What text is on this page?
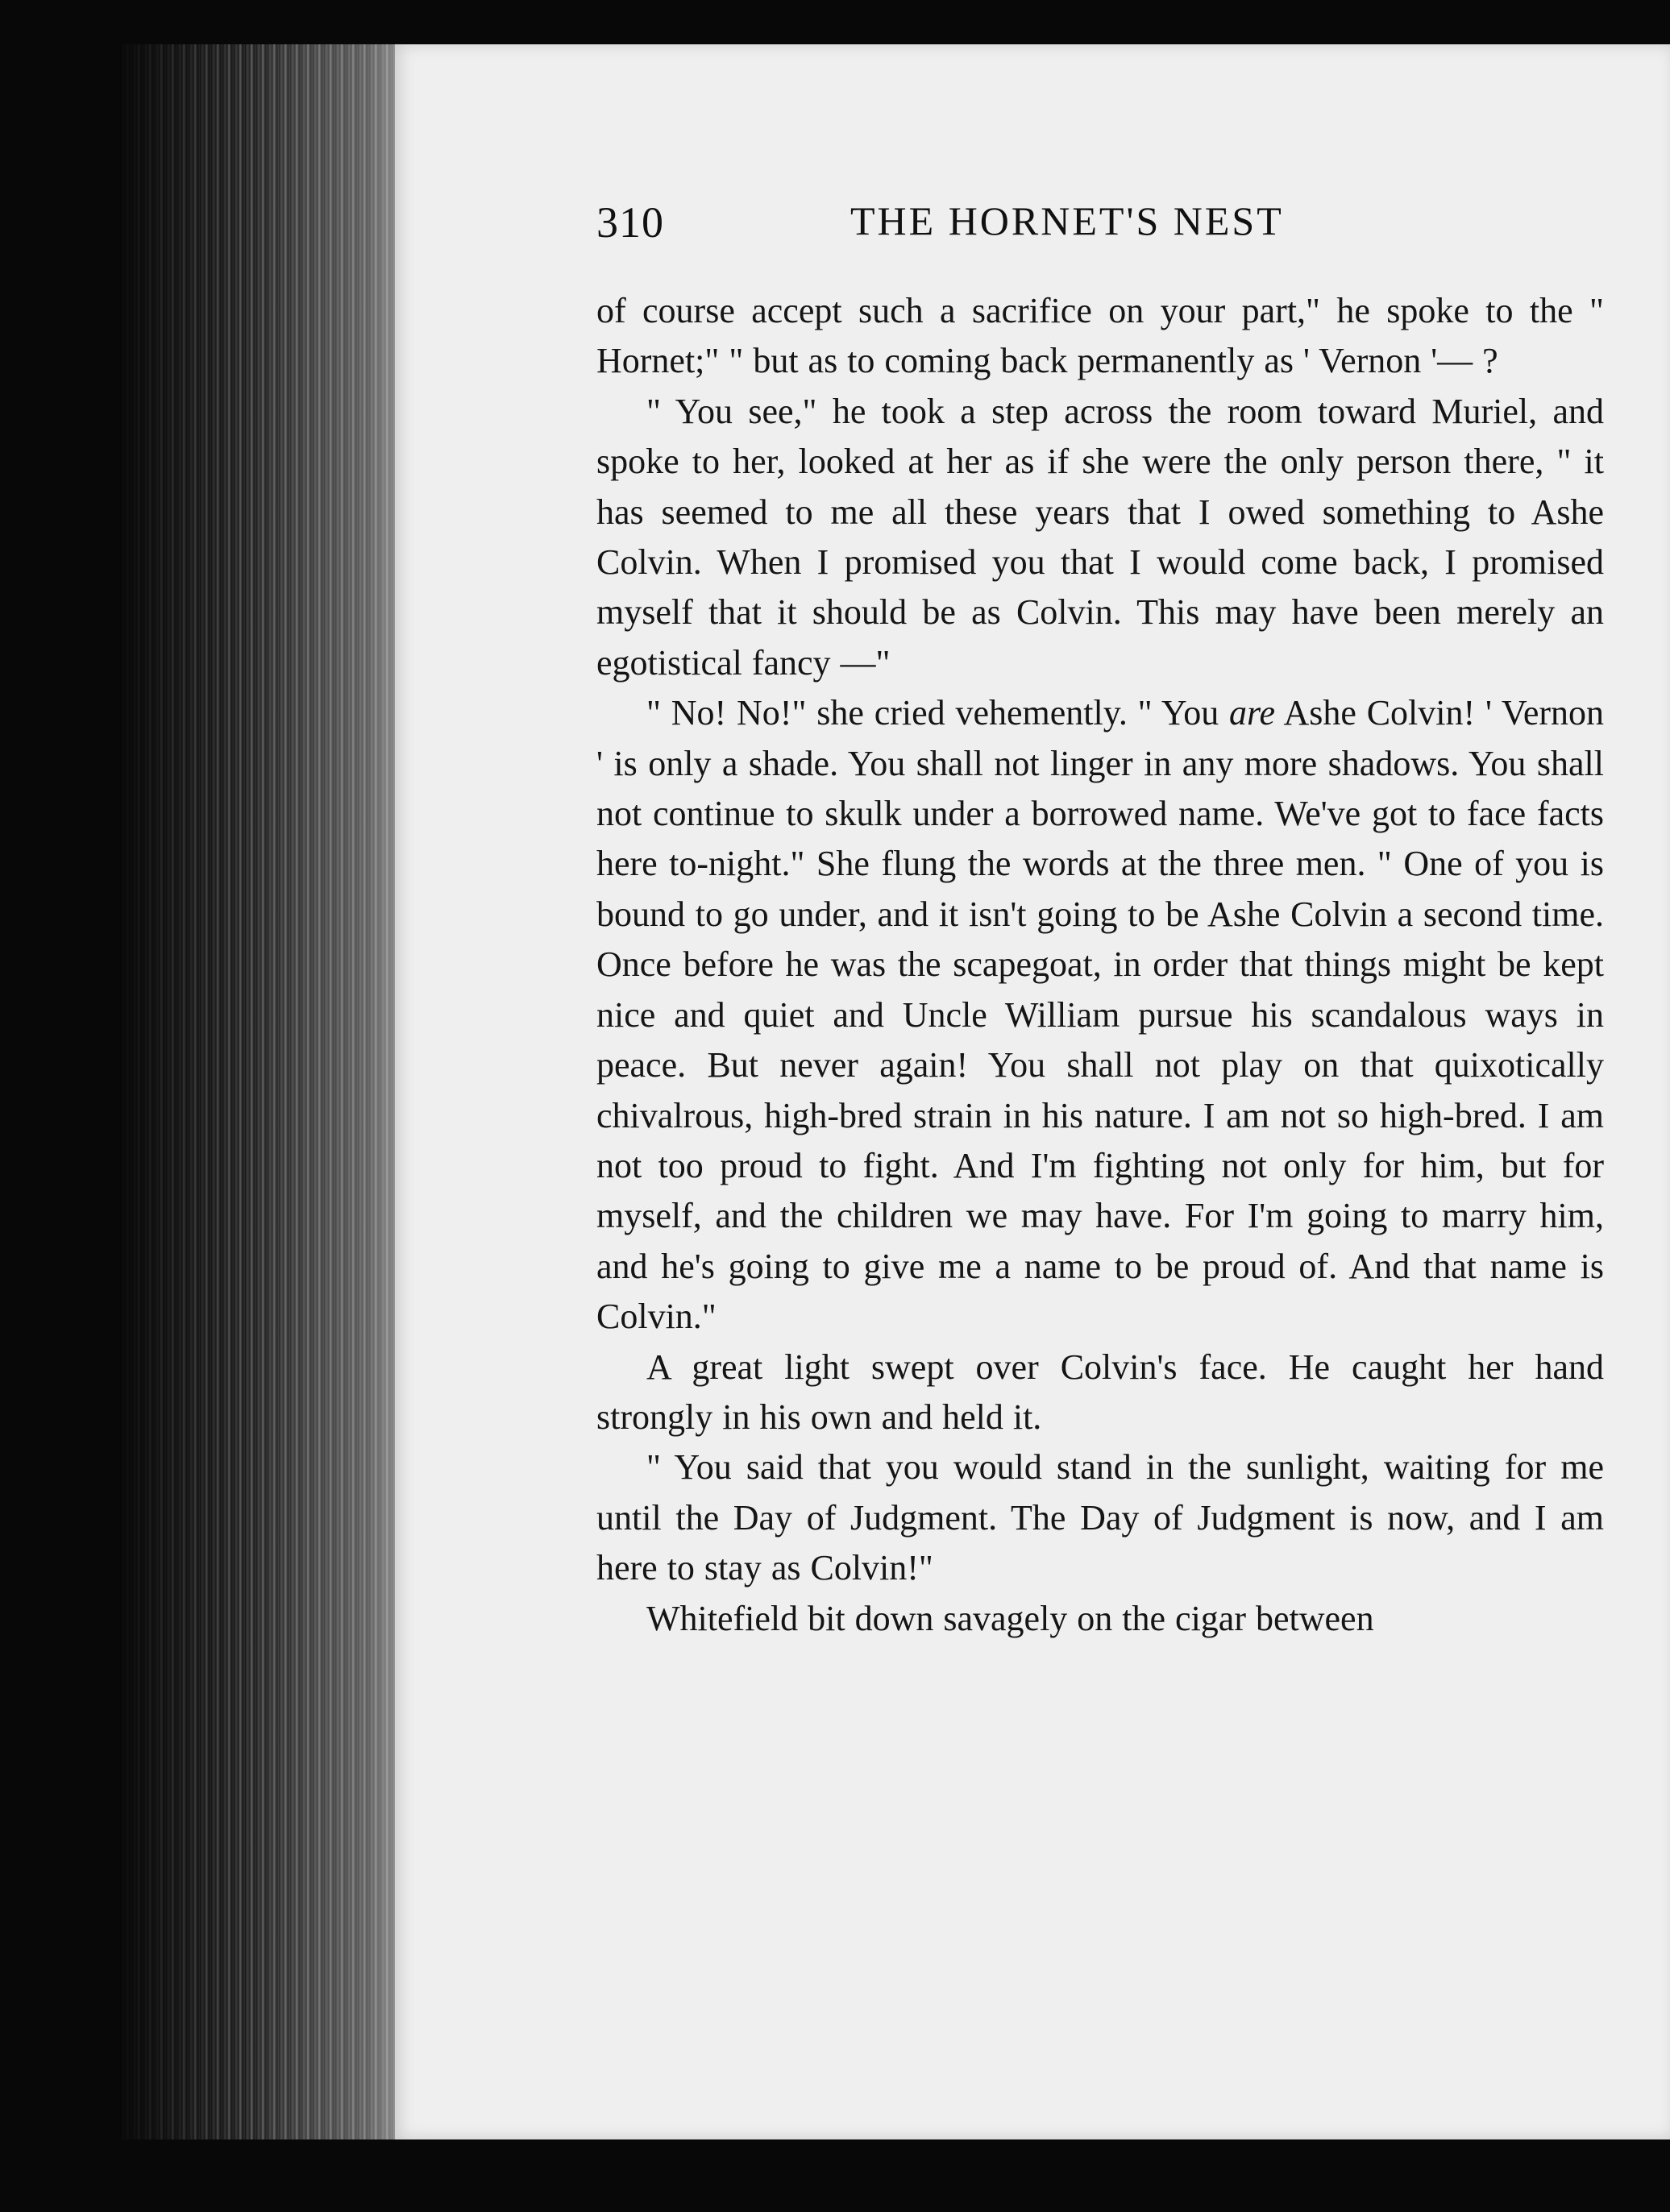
310	THE HORNET'S NEST

of course accept such a sacrifice on your part," he spoke to the " Hornet;" " but as to coming back permanently as ' Vernon '— ?

" You see," he took a step across the room toward Muriel, and spoke to her, looked at her as if she were the only person there, " it has seemed to me all these years that I owed something to Ashe Colvin. When I promised you that I would come back, I promised myself that it should be as Colvin. This may have been merely an egotistical fancy —"

" No! No!" she cried vehemently. " You are Ashe Colvin! ' Vernon ' is only a shade. You shall not linger in any more shadows. You shall not continue to skulk under a borrowed name. We've got to face facts here to-night." She flung the words at the three men. " One of you is bound to go under, and it isn't going to be Ashe Colvin a second time. Once before he was the scapegoat, in order that things might be kept nice and quiet and Uncle William pursue his scandalous ways in peace. But never again! You shall not play on that quixotically chivalrous, high-bred strain in his nature. I am not so high-bred. I am not too proud to fight. And I'm fighting not only for him, but for myself, and the children we may have. For I'm going to marry him, and he's going to give me a name to be proud of. And that name is Colvin."

A great light swept over Colvin's face. He caught her hand strongly in his own and held it.

" You said that you would stand in the sunlight, waiting for me until the Day of Judgment. The Day of Judgment is now, and I am here to stay as Colvin!"

Whitefield bit down savagely on the cigar between
